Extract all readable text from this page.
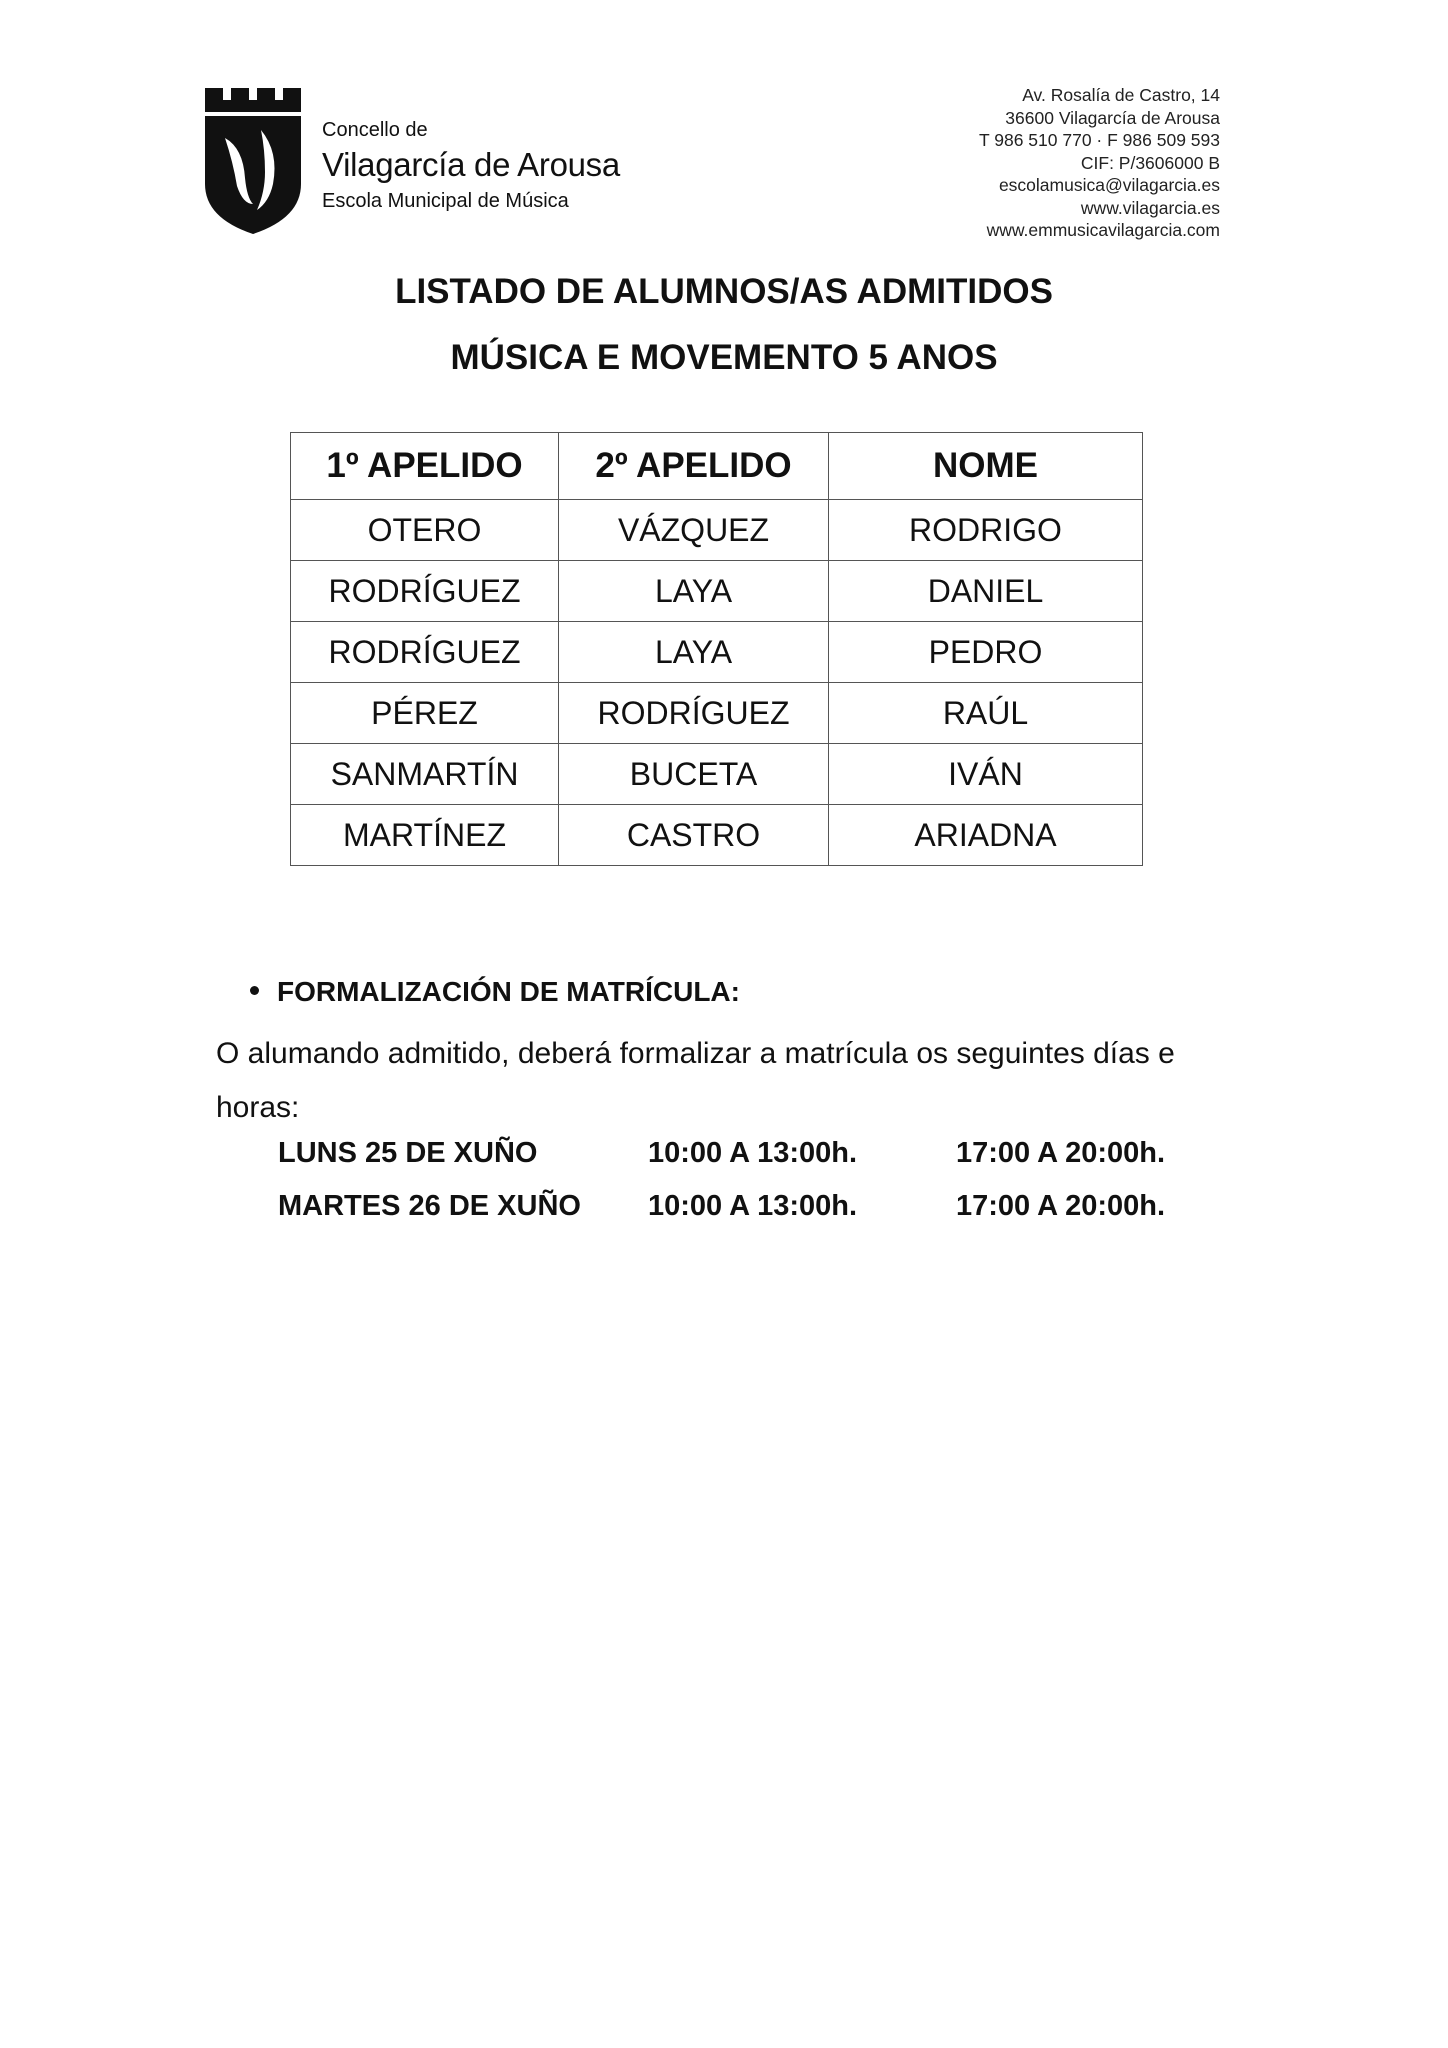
Concello de
Vilagarcía de Arousa
Escola Municipal de Música
Av. Rosalía de Castro, 14
36600 Vilagarcía de Arousa
T 986 510 770 · F 986 509 593
CIF: P/3606000 B
escolamusica@vilagarcia.es
www.vilagarcia.es
www.emmusicavilagarcia.com
LISTADO DE ALUMNOS/AS ADMITIDOS
MÚSICA E MOVEMENTO 5 ANOS
1º APELIDO	2º APELIDO	NOME
OTERO	VÁZQUEZ	RODRIGO
RODRÍGUEZ	LAYA	DANIEL
RODRÍGUEZ	LAYA	PEDRO
PÉREZ	RODRÍGUEZ	RAÚL
SANMARTÍN	BUCETA	IVÁN
MARTÍNEZ	CASTRO	ARIADNA
FORMALIZACIÓN DE MATRÍCULA:
O alumando admitido, deberá formalizar a matrícula os seguintes días e horas:
LUNS 25 DE XUÑO	10:00 A 13:00h.	17:00 A 20:00h.
MARTES 26 DE XUÑO 10:00 A 13:00h.	17:00 A 20:00h.
